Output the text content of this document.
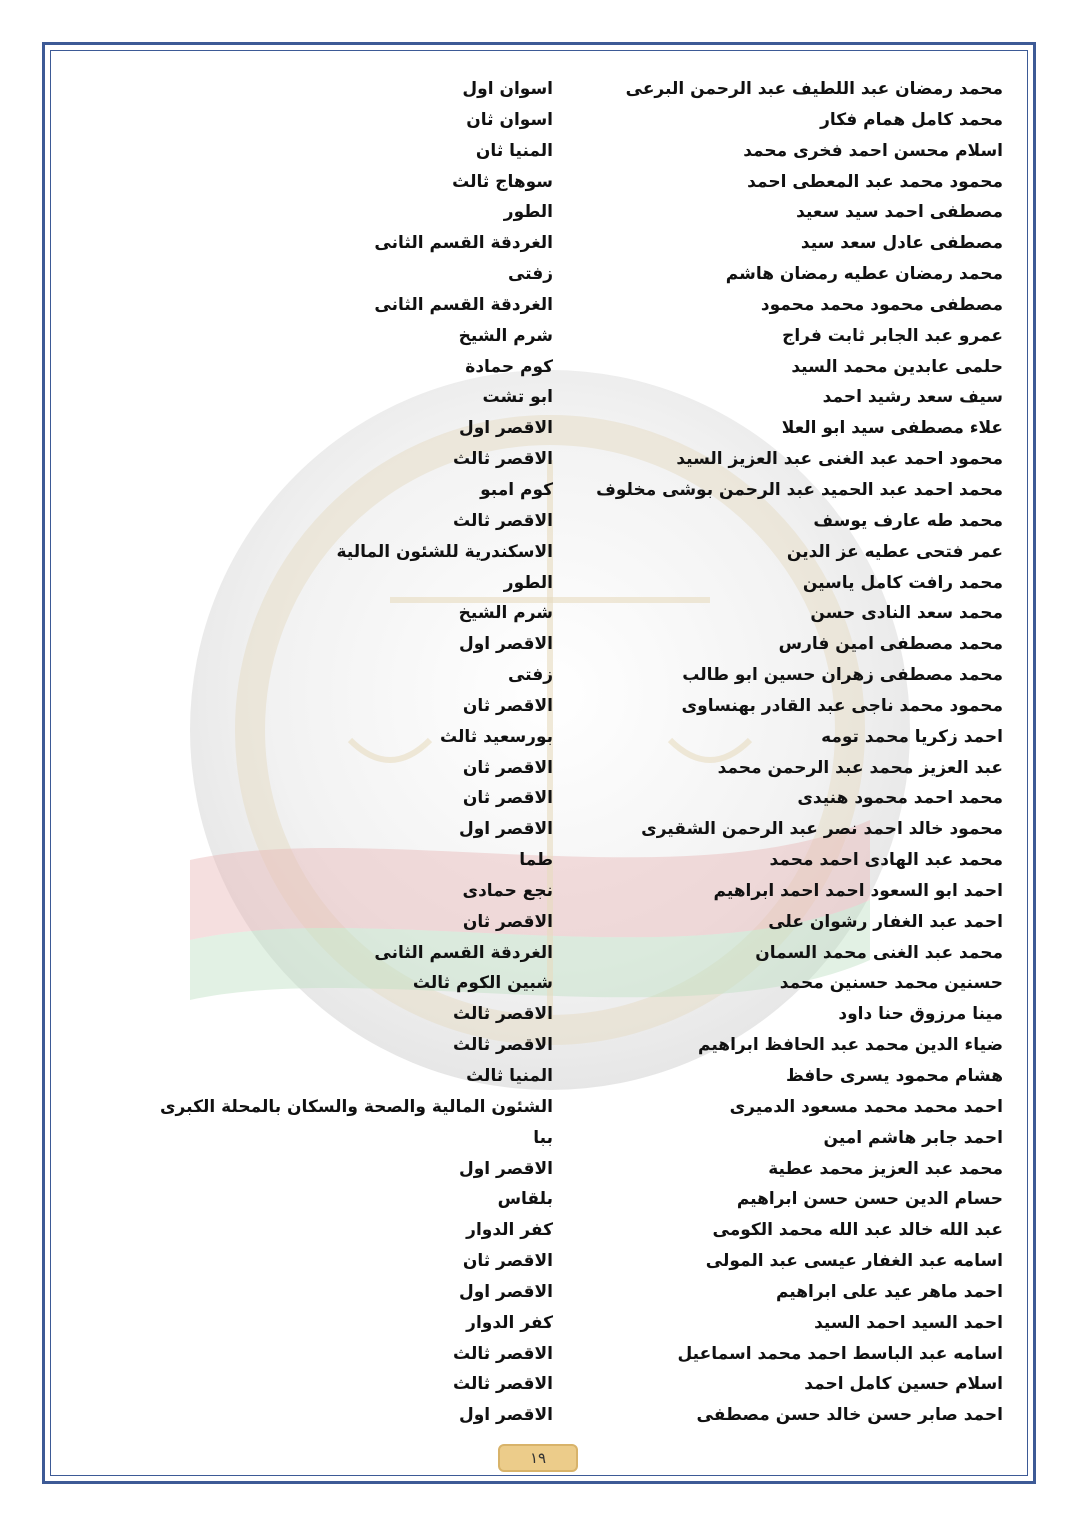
محمد رمضان عبد اللطيف عبد الرحمن البرعى
اسوان اول
محمد كامل همام فكار
اسوان ثان
اسلام محسن احمد فخرى محمد
المنيا ثان
محمود محمد عبد المعطى احمد
سوهاج ثالث
مصطفى احمد سيد سعيد
الطور
مصطفى عادل سعد سيد
الغردقة القسم الثانى
محمد رمضان عطيه رمضان هاشم
زفتى
مصطفى محمود محمد محمود
الغردقة القسم الثانى
عمرو عبد الجابر ثابت فراج
شرم الشيخ
حلمى عابدين محمد السيد
كوم حمادة
سيف سعد رشيد احمد
ابو تشت
علاء مصطفى سيد ابو العلا
الاقصر اول
محمود احمد عبد الغنى عبد العزيز السيد
الاقصر ثالث
محمد احمد عبد الحميد عبد الرحمن بوشى مخلوف
كوم امبو
محمد طه عارف يوسف
الاقصر ثالث
عمر فتحى عطيه عز الدين
الاسكندرية للشئون المالية
محمد رافت كامل ياسين
الطور
محمد سعد النادى حسن
شرم الشيخ
محمد مصطفى امين فارس
الاقصر اول
محمد مصطفى زهران حسين ابو طالب
زفتى
محمود محمد ناجى عبد القادر بهنساوى
الاقصر ثان
احمد زكريا محمد تومه
بورسعيد ثالث
عبد العزيز محمد عبد الرحمن محمد
الاقصر ثان
محمد احمد محمود هنيدى
الاقصر ثان
محمود خالد احمد نصر عبد الرحمن الشقيرى
الاقصر اول
محمد عبد الهادى احمد محمد
طما
احمد ابو السعود احمد احمد ابراهيم
نجع حمادى
احمد عبد الغفار رشوان على
الاقصر ثان
محمد عبد الغنى محمد السمان
الغردقة القسم الثانى
حسنين محمد حسنين محمد
شبين الكوم ثالث
مينا مرزوق حنا داود
الاقصر ثالث
ضياء الدين محمد عبد الحافظ ابراهيم
الاقصر ثالث
هشام محمود يسرى حافظ
المنيا ثالث
احمد محمد محمد مسعود الدميرى
الشئون المالية والصحة والسكان بالمحلة الكبرى
احمد جابر هاشم امين
ببا
محمد عبد العزيز محمد عطية
الاقصر اول
حسام الدين حسن حسن ابراهيم
بلقاس
عبد الله خالد عبد الله محمد الكومى
كفر الدوار
اسامه عبد الغفار عيسى عبد المولى
الاقصر ثان
احمد ماهر عيد على ابراهيم
الاقصر اول
احمد السيد احمد السيد
كفر الدوار
اسامه عبد الباسط احمد محمد اسماعيل
الاقصر ثالث
اسلام حسين كامل احمد
الاقصر ثالث
احمد صابر حسن خالد حسن مصطفى
الاقصر اول
١٩
